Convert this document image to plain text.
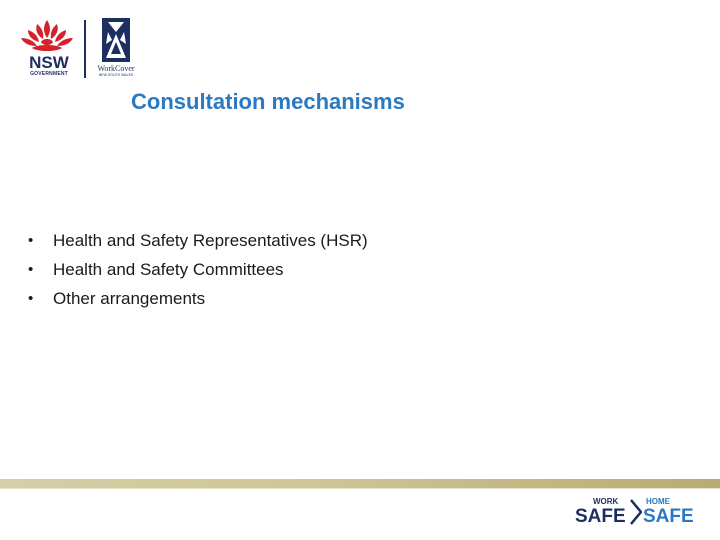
NSW
GOVERNMENT
WorkCover
NEW SOUTH WALES
Consultation mechanisms
• Health and Safety Representatives (HSR)
• Health and Safety Committees
• Other arrangements
WORK	HOME
SAFE SAFE
